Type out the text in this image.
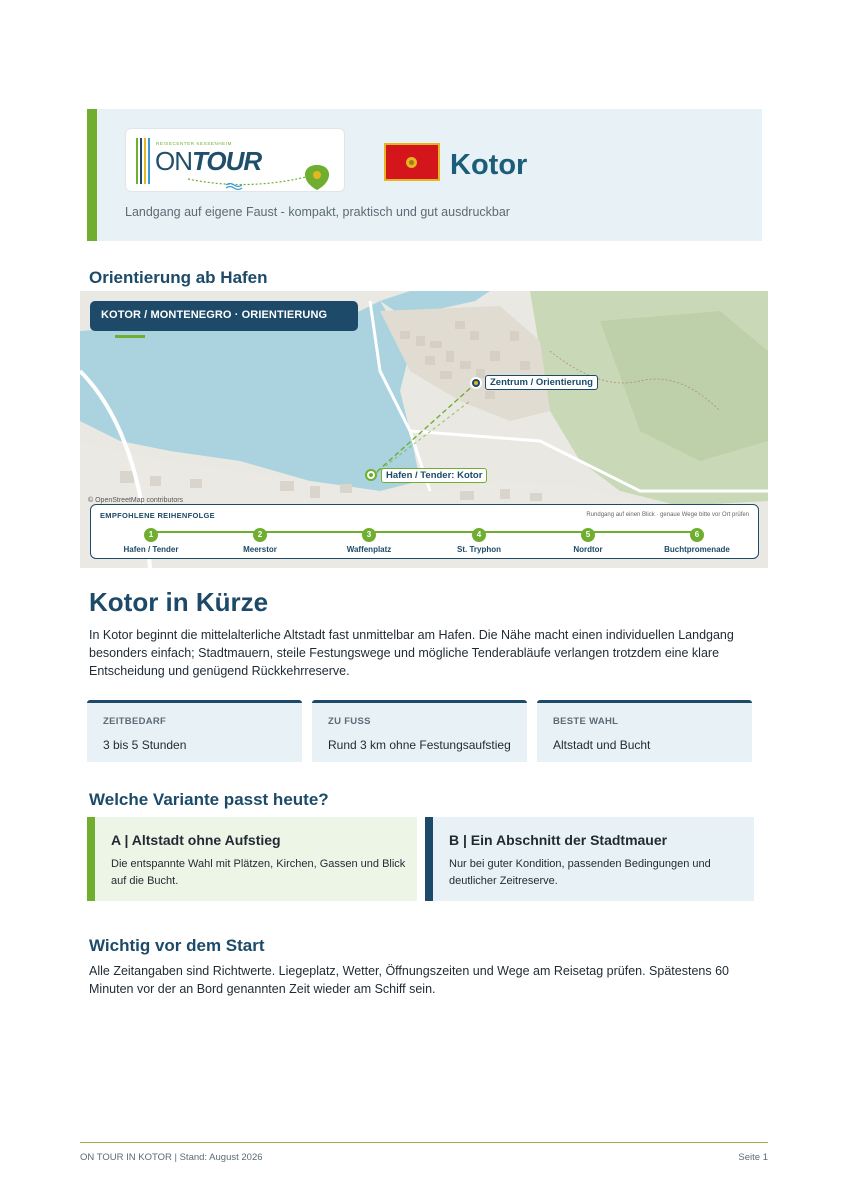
REISECENTER KESSENHEIM
ONTOUR	Kotor
Landgang auf eigene Faust - kompakt, praktisch und gut ausdruckbar
Orientierung ab Hafen
KOTOR / MONTENEGRO · ORIENTIERUNG
Zentrum / Orientierung
Hafen / Tender: Kotor
© OpenStreetMap contributors
EMPFOHLENE REIHENFOLGE	Rundgang auf einen Blick · genaue Wege bitte vor Ort prüfen
1
Hafen / Tender
2
Meerstor
3
Waffenplatz
4
St. Tryphon
5
Nordtor
6
Buchtpromenade
Kotor in Kürze
In Kotor beginnt die mittelalterliche Altstadt fast unmittelbar am Hafen. Die Nähe macht einen individuellen Landgang besonders einfach; Stadtmauern, steile Festungswege und mögliche Tenderabläufe verlangen trotzdem eine klare Entscheidung und genügend Rückkehrreserve.
ZEITBEDARF
3 bis 5 Stunden
ZU FUSS
Rund 3 km ohne Festungsaufstieg
BESTE WAHL
Altstadt und Bucht
Welche Variante passt heute?
A | Altstadt ohne Aufstieg
Die entspannte Wahl mit Plätzen, Kirchen, Gassen und Blick auf die Bucht.
B | Ein Abschnitt der Stadtmauer
Nur bei guter Kondition, passenden Bedingungen und deutlicher Zeitreserve.
Wichtig vor dem Start
Alle Zeitangaben sind Richtwerte. Liegeplatz, Wetter, Öffnungszeiten und Wege am Reisetag prüfen. Spätestens 60 Minuten vor der an Bord genannten Zeit wieder am Schiff sein.
ON TOUR IN KOTOR | Stand: August 2026	Seite 1
